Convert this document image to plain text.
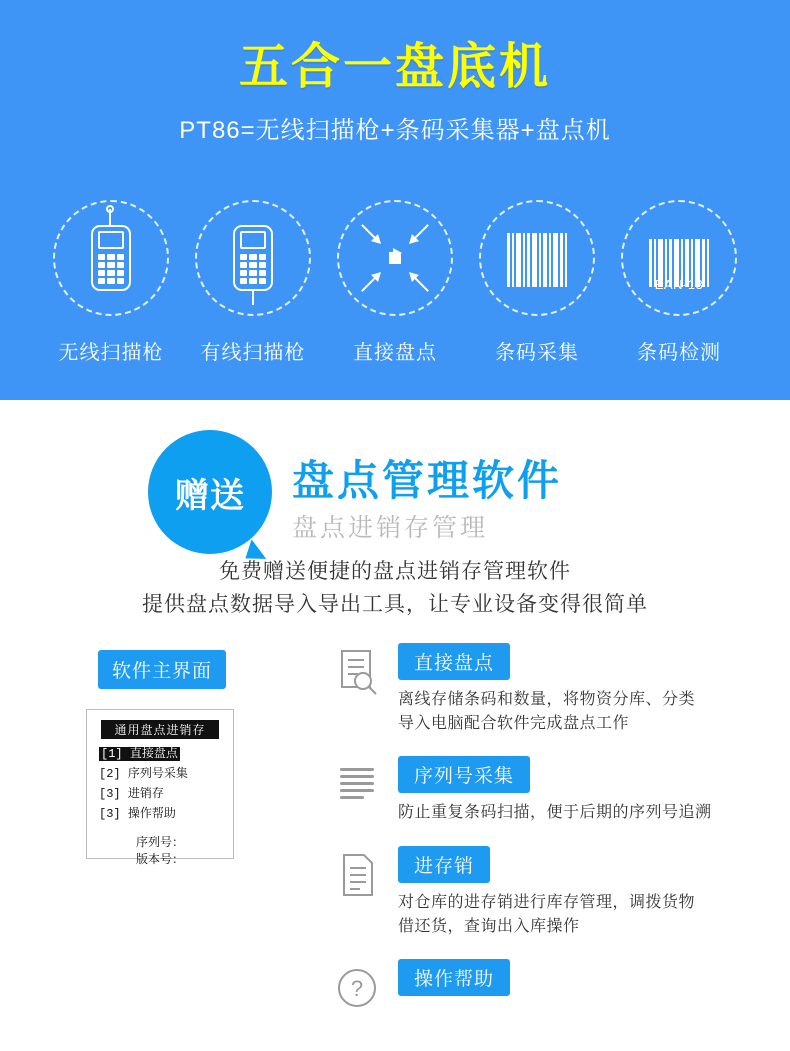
五合一盘底机
PT86=无线扫描枪+条码采集器+盘点机
无线扫描枪 有线扫描枪 直接盘点	条码采集
EAN-13
条码检测
赠送	盘点管理软件
盘点进销存管理
免费赠送便捷的盘点进销存管理软件
提供盘点数据导入导出工具，让专业设备变得很简单
软件主界面
通用盘点进销存
[1] 直接盘点
[2] 序列号采集
[3] 进销存
[3] 操作帮助
序列号：
版本号：
直接盘点
离线存储条码和数量，将物资分库、分类
导入电脑配合软件完成盘点工作
序列号采集
防止重复条码扫描，便于后期的序列号追溯
进存销
对仓库的进存销进行库存管理，调拨货物
借还货，查询出入库操作
?	操作帮助
